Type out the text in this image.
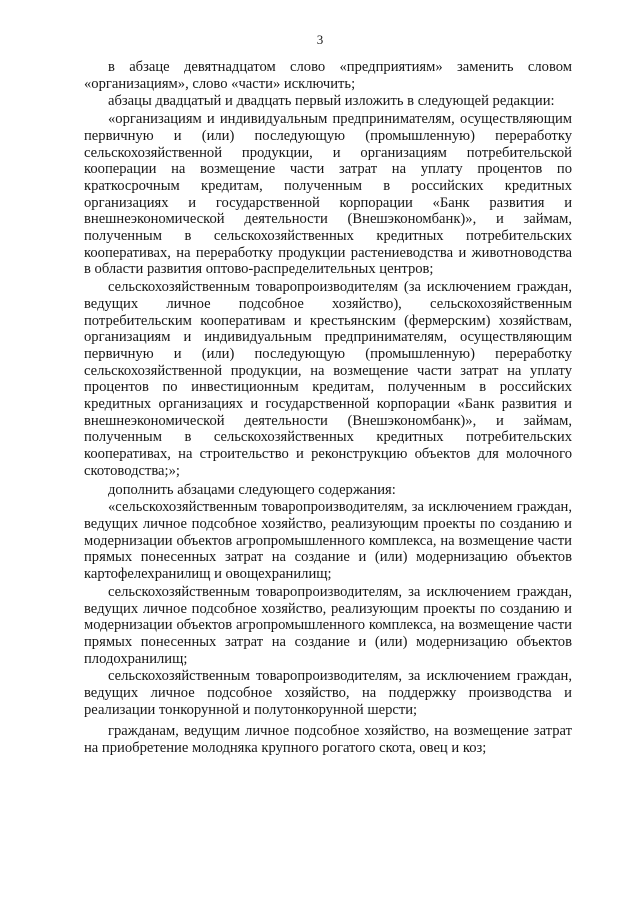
3

в абзаце девятнадцатом слово «предприятиям» заменить словом «организациям», слово «части» исключить;

абзацы двадцатый и двадцать первый изложить в следующей редакции:

«организациям и индивидуальным предпринимателям, осуществляющим первичную и (или) последующую (промышленную) переработку сельскохозяйственной продукции, и организациям потребительской кооперации на возмещение части затрат на уплату процентов по краткосрочным кредитам, полученным в российских кредитных организациях и государственной корпорации «Банк развития и внешнеэкономической деятельности (Внешэкономбанк)», и займам, полученным в сельскохозяйственных кредитных потребительских кооперативах, на переработку продукции растениеводства и животноводства в области развития оптово-распределительных центров;

сельскохозяйственным товаропроизводителям (за исключением граждан, ведущих личное подсобное хозяйство), сельскохозяйственным потребительским кооперативам и крестьянским (фермерским) хозяйствам, организациям и индивидуальным предпринимателям, осуществляющим первичную и (или) последующую (промышленную) переработку сельскохозяйственной продукции, на возмещение части затрат на уплату процентов по инвестиционным кредитам, полученным в российских кредитных организациях и государственной корпорации «Банк развития и внешнеэкономической деятельности (Внешэкономбанк)», и займам, полученным в сельскохозяйственных кредитных потребительских кооперативах, на строительство и реконструкцию объектов для молочного скотоводства;»;

дополнить абзацами следующего содержания:

«сельскохозяйственным товаропроизводителям, за исключением граждан, ведущих личное подсобное хозяйство, реализующим проекты по созданию и модернизации объектов агропромышленного комплекса, на возмещение части прямых понесенных затрат на создание и (или) модернизацию объектов картофелехранилищ и овощехранилищ;

сельскохозяйственным товаропроизводителям, за исключением граждан, ведущих личное подсобное хозяйство, реализующим проекты по созданию и модернизации объектов агропромышленного комплекса, на возмещение части прямых понесенных затрат на создание и (или) модернизацию объектов плодохранилищ;

сельскохозяйственным товаропроизводителям, за исключением граждан, ведущих личное подсобное хозяйство, на поддержку производства и реализации тонкорунной и полутонкорунной шерсти;

гражданам, ведущим личное подсобное хозяйство, на возмещение затрат на приобретение молодняка крупного рогатого скота, овец и коз;
